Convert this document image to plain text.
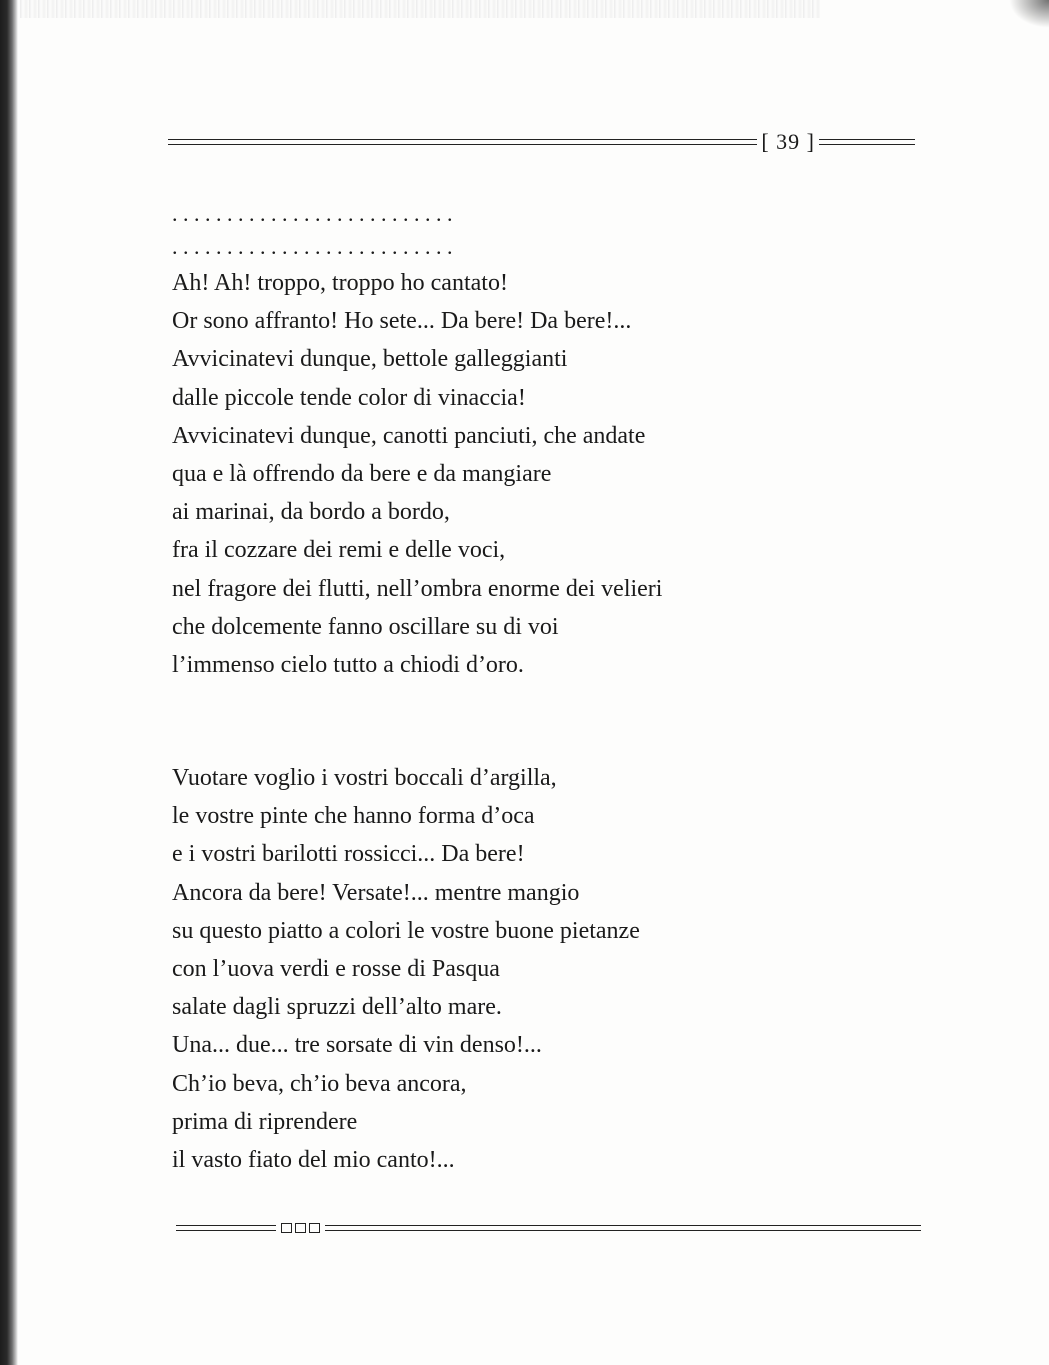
[ 39 ]
. . . . . . . . . . . . . . . . . . . . . . . . . .
. . . . . . . . . . . . . . . . . . . . . . . . . .
Ah! Ah! troppo, troppo ho cantato!
Or sono affranto! Ho sete... Da bere! Da bere!...
Avvicinatevi dunque, bettole galleggianti
dalle piccole tende color di vinaccia!
Avvicinatevi dunque, canotti panciuti, che andate
qua e là offrendo da bere e da mangiare
ai marinai, da bordo a bordo,
fra il cozzare dei remi e delle voci,
nel fragore dei flutti, nell’ombra enorme dei velieri
che dolcemente fanno oscillare su di voi
l’immenso cielo tutto a chiodi d’oro.
Vuotare voglio i vostri boccali d’argilla,
le vostre pinte che hanno forma d’oca
e i vostri barilotti rossicci... Da bere!
Ancora da bere! Versate!... mentre mangio
su questo piatto a colori le vostre buone pietanze
con l’uova verdi e rosse di Pasqua
salate dagli spruzzi dell’alto mare.
Una... due... tre sorsate di vin denso!...
Ch’io beva, ch’io beva ancora,
prima di riprendere
il vasto fiato del mio canto!...
